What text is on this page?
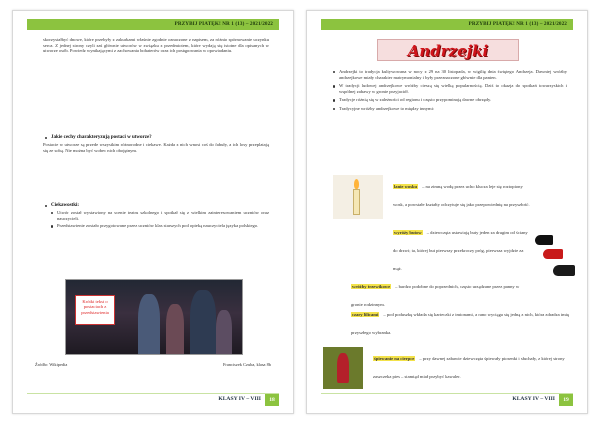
PRZYBIJ PIATĘK! NR 1 (13) – 2021/2022
skorzystałbyć dnowe, które przebyły z zakurkami właśnie zgodnie oznaczone z napisem, za różnio spórnowanie uczynku serca. Z jednej strony czyli zaś głównie utworów w związku z przedmiotem, które wydają się istotne dla opisanych w utworze osób. Powiedz wynikającymi z zachowania bohaterów oraz ich postępowania w opowiadaniu.
Jakie cechy charakteryzują postaci w utworze?
Postacie w utworze są przede wszystkim różnorodne i ciekawe. Każda z nich wnosi coś do fabuły, a ich losy przeplatają się ze sobą. Nie można być wobec nich obojętnym.
Ciekawostki:
Utwór został wystawiony na scenie teatru szkolnego i spotkał się z wielkim zainteresowaniem uczniów oraz nauczycieli.
Przedstawienie zostało przygotowane przez uczniów klas starszych pod opieką nauczyciela języka polskiego.
Krótki tekst o postaciach z przedstawienia
Źródło: Wikipedia	Franciszek Czuba, klasa 8b
KLASY IV – VIII	18
PRZYBIJ PIATĘK! NR 1 (13) – 2021/2022
Andrzejki
Andrzejki to tradycja kultywowana w nocy z 29 na 30 listopada, w wigilię dnia świętego Andrzeja. Dawniej wróżby andrzejkowe miały charakter matrymonialny i były przeznaczone głównie dla panien.
W tradycji ludowej andrzejkowe wróżby cieszą się wielką popularnością. Dziś to okazja do spotkań towarzyskich i wspólnej zabawy w gronie przyjaciół.
Tradycje różnią się w zależności od regionu i często przypominają dawne obrzędy.
Tradycyjne wróżby andrzejkowe to między innymi:
lanie wosku – na zimną wodę przez ucho klucza leje się roztopiony wosk, a powstałe kształty odczytuje się jako przepowiednię na przyszłość.
wyróży butow – dziewczęta ustawiają buty jeden za drugim od ściany do drzwi; ta, której but pierwszy przekroczy próg, pierwsza wyjdzie za mąż.
wróżby trzewikowe – bardzo podobne do poprzednich, często urządzane przez panny w gronie rodzinnym.
czary lilicami – pod poduszkę wkłada się karteczki z imionami, a rano wyciąga się jedną z nich, która zdradza imię przyszłego wybranka.
śpiewanie na cierpce – przy dawnej zabawie dziewczęta śpiewały piosenki i słuchały, z której strony zaszczeka pies – stamtąd miał przybyć kawaler.
KLASY IV – VIII	19
